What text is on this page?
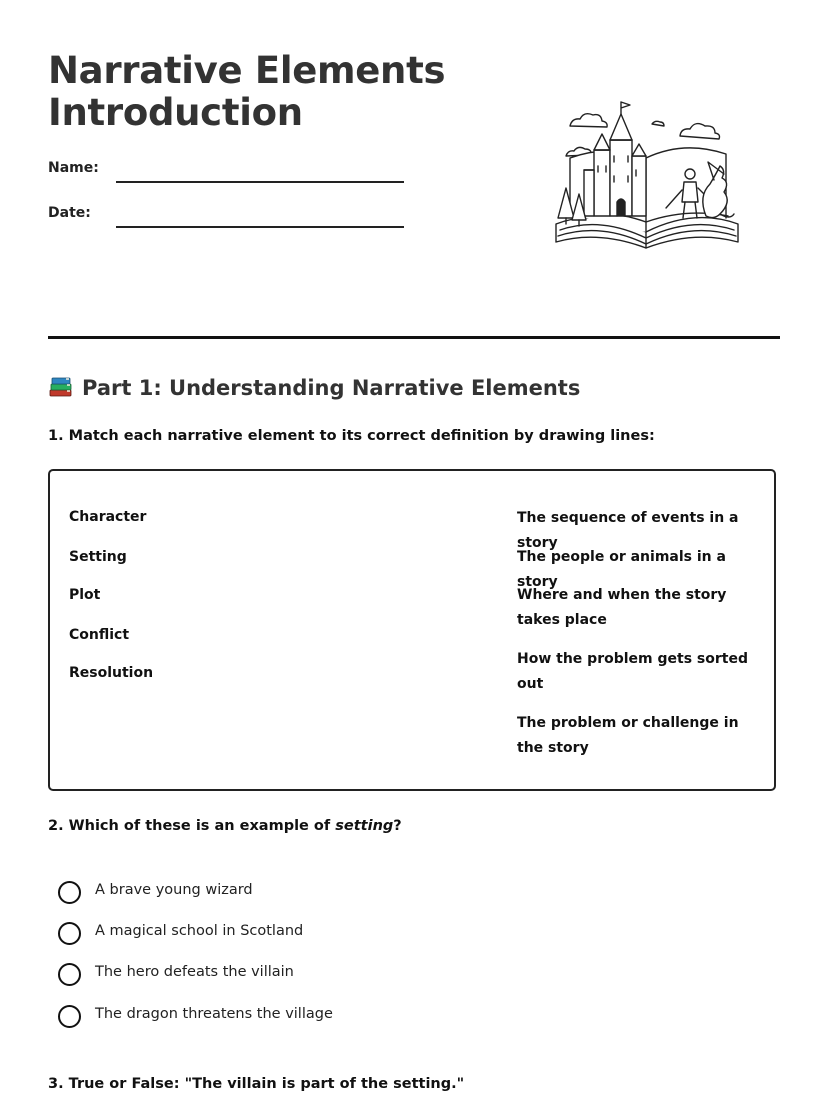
Narrative Elements
Introduction
Name:
Date:
Part 1: Understanding Narrative Elements
1. Match each narrative element to its correct definition by drawing lines:
Character
Setting
Plot
Conflict
Resolution
The sequence of events in a story
The people or animals in a story
Where and when the story takes place
How the problem gets sorted out
The problem or challenge in the story
2. Which of these is an example of setting?
A brave young wizard
A magical school in Scotland
The hero defeats the villain
The dragon threatens the village
3. True or False: "The villain is part of the setting."
